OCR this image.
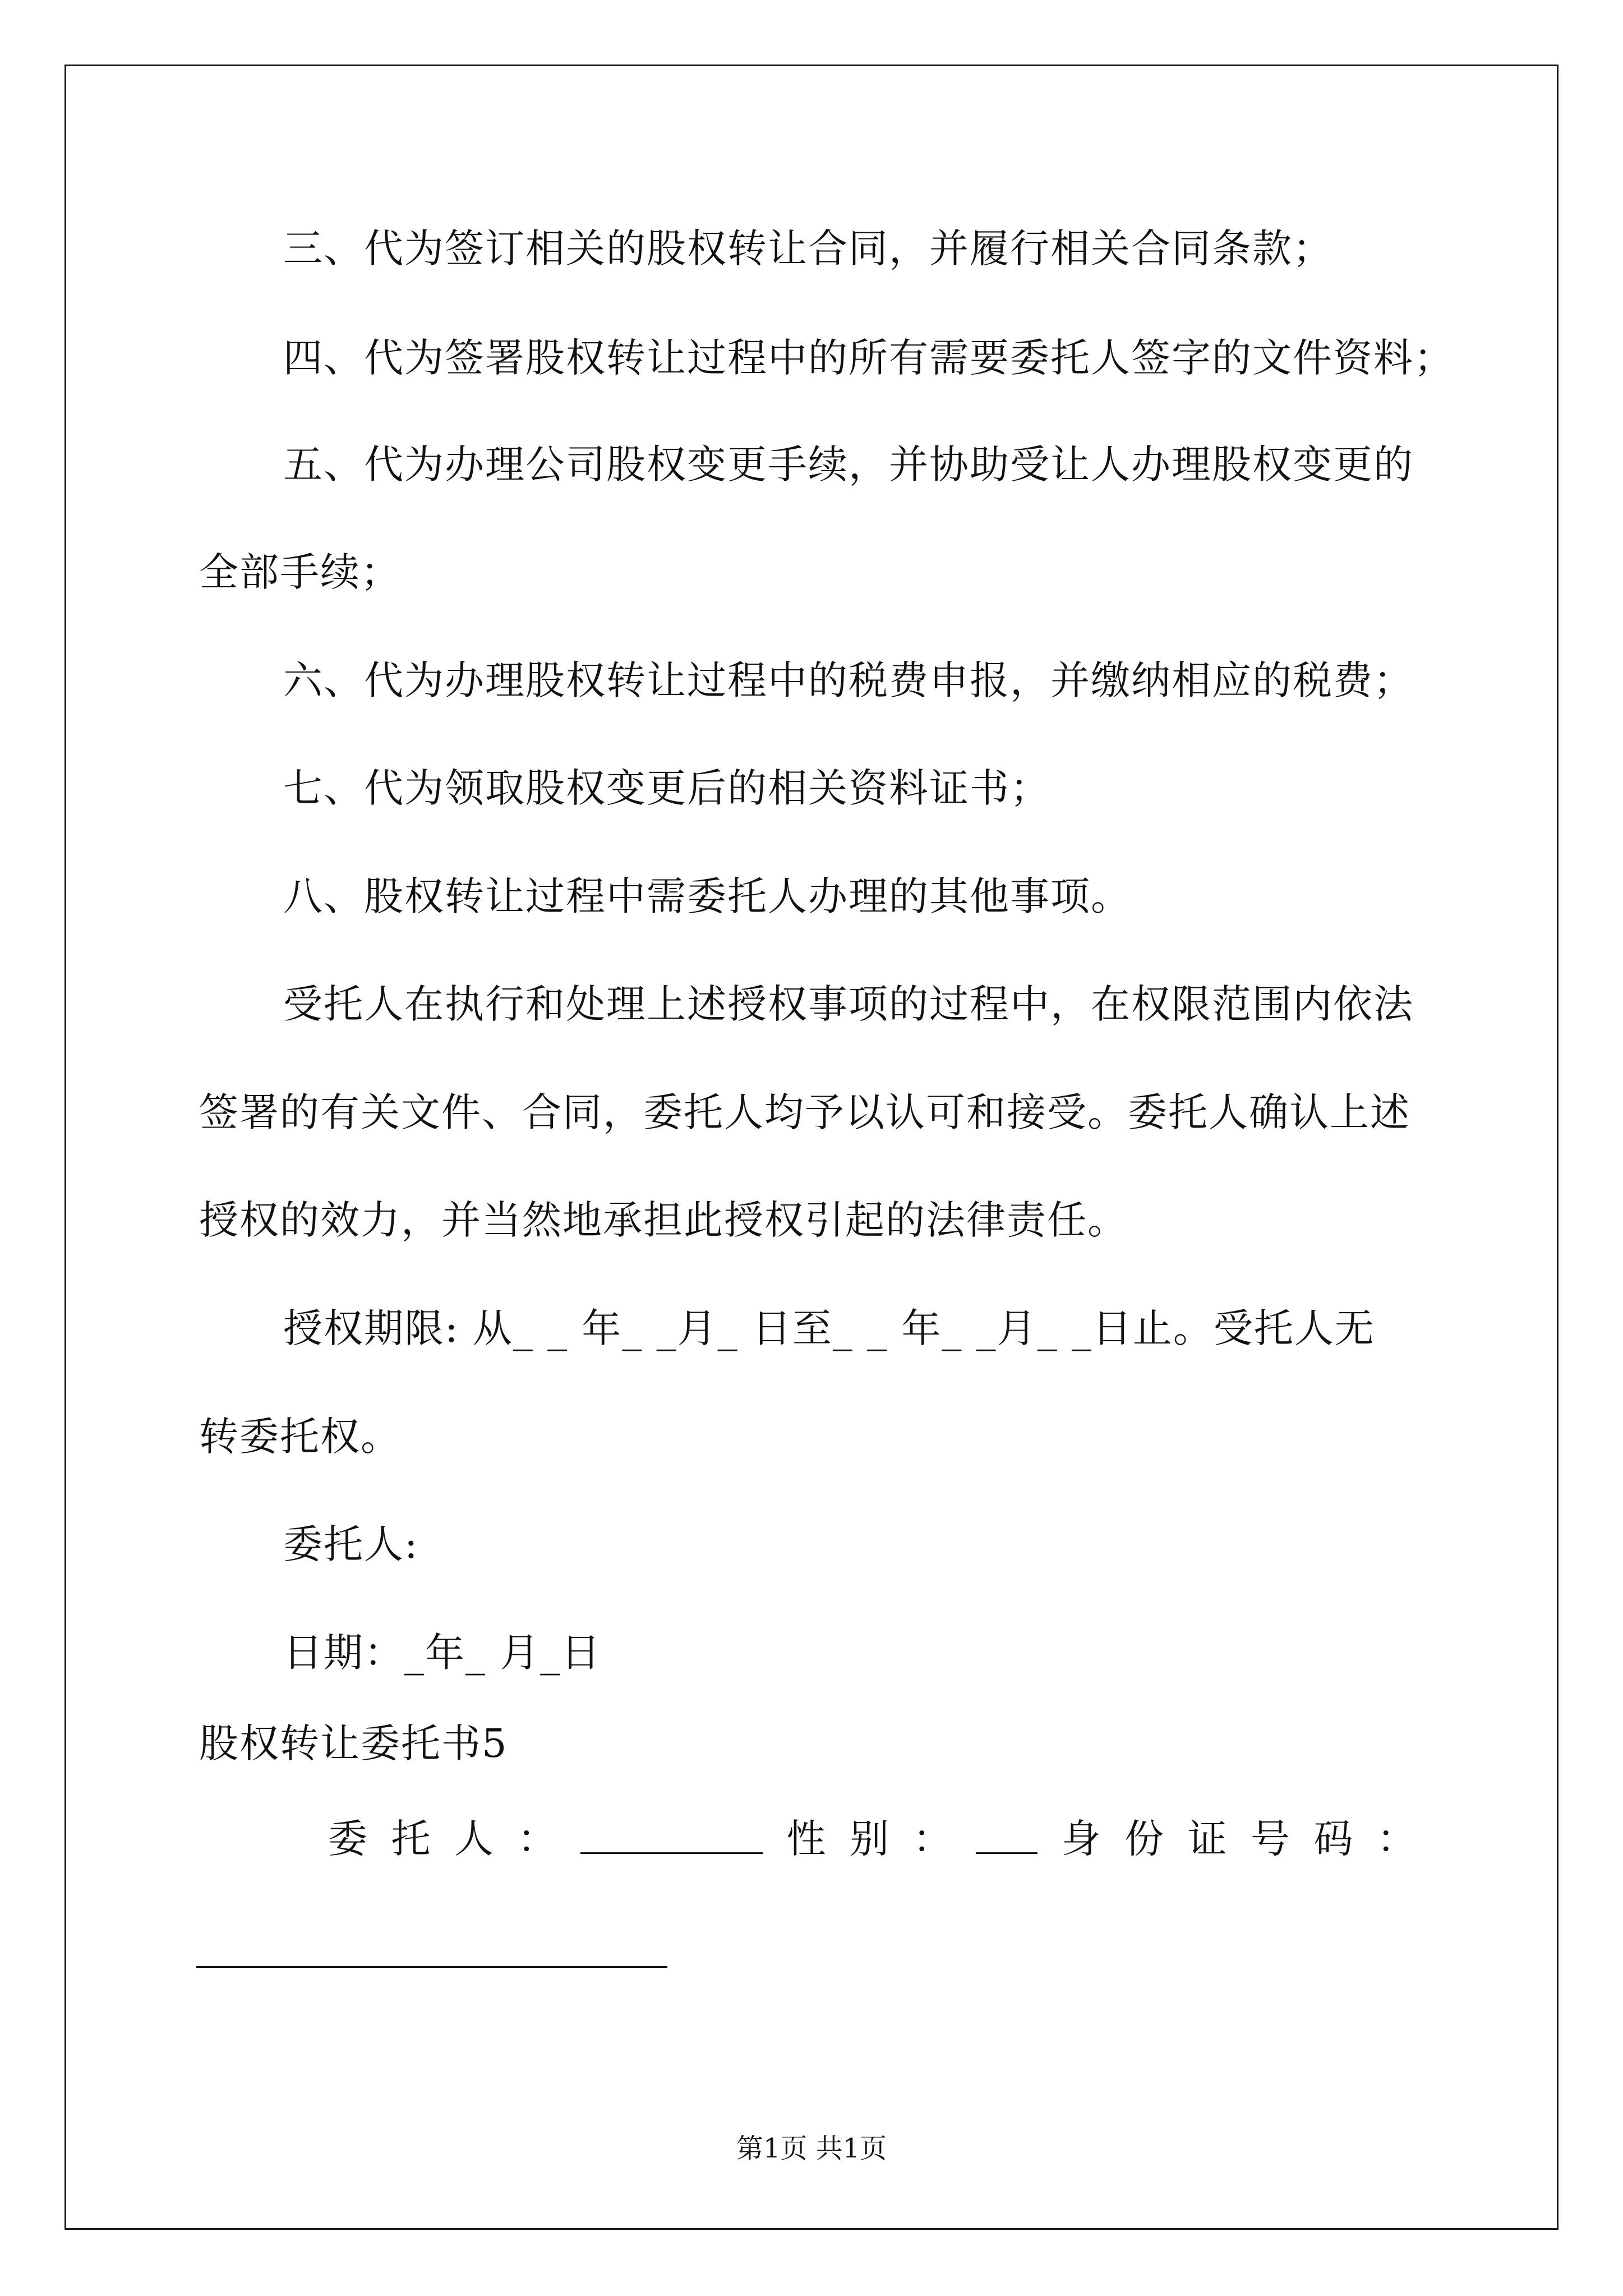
三、代为签订相关的股权转让合同，并履行相关合同条款；
四、代为签署股权转让过程中的所有需要委托人签字的文件资料；
五、代为办理公司股权变更手续，并协助受让人办理股权变更的
全部手续；
六、代为办理股权转让过程中的税费申报，并缴纳相应的税费；
七、代为领取股权变更后的相关资料证书；
八、股权转让过程中需委托人办理的其他事项。
受托人在执行和处理上述授权事项的过程中，在权限范围内依法
签署的有关文件、合同，委托人均予以认可和接受。委托人确认上述
授权的效力，并当然地承担此授权引起的法律责任。
授权期限: 从_ _ 年_ _月_ 日至_ _ 年_ _月_ _日止。受托人无
转委托权。
委托人:
日期：_年_ 月_日
股权转让委托书5
委 托 人 ：	性 别 ：	身 份 证 号 码 ：
第1页 共1页
